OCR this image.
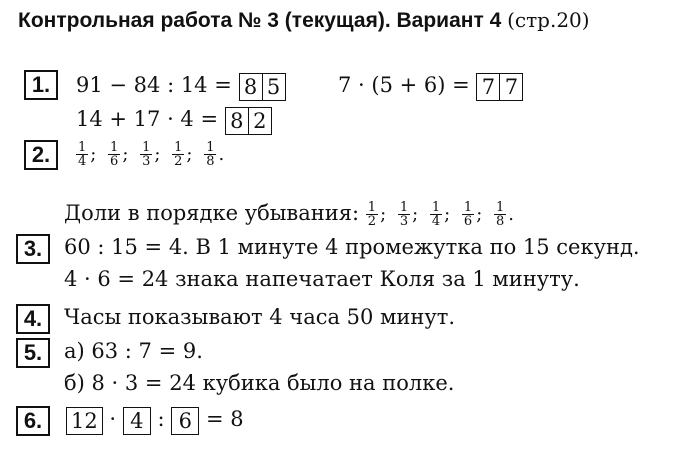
Контрольная работа № 3 (текущая). Вариант 4 (стр.20)
1.	91 − 84 : 14 = 8 5	7 · (5 + 6) = 7 7
14 + 17 · 4 = 8 2
2.	$\frac{1}{4}$ ; $\frac{1}{6}$ ; $\frac{1}{3}$ ; $\frac{1}{2}$ ; $\frac{1}{8}$ .
Доли в порядке убывания: $\frac{1}{2}$ ; $\frac{1}{3}$ ; $\frac{1}{4}$ ; $\frac{1}{6}$ ; $\frac{1}{8}$ .
3.	60 : 15 = 4. В 1 минуте 4 промежутка по 15 секунд.
4 · 6 = 24 знака напечатает Коля за 1 минуту.
4.	Часы показывают 4 часа 50 минут.
5.	а) 63 : 7 = 9.
б) 8 · 3 = 24 кубика было на полке.
6.	12 · 4 : 6 = 8
